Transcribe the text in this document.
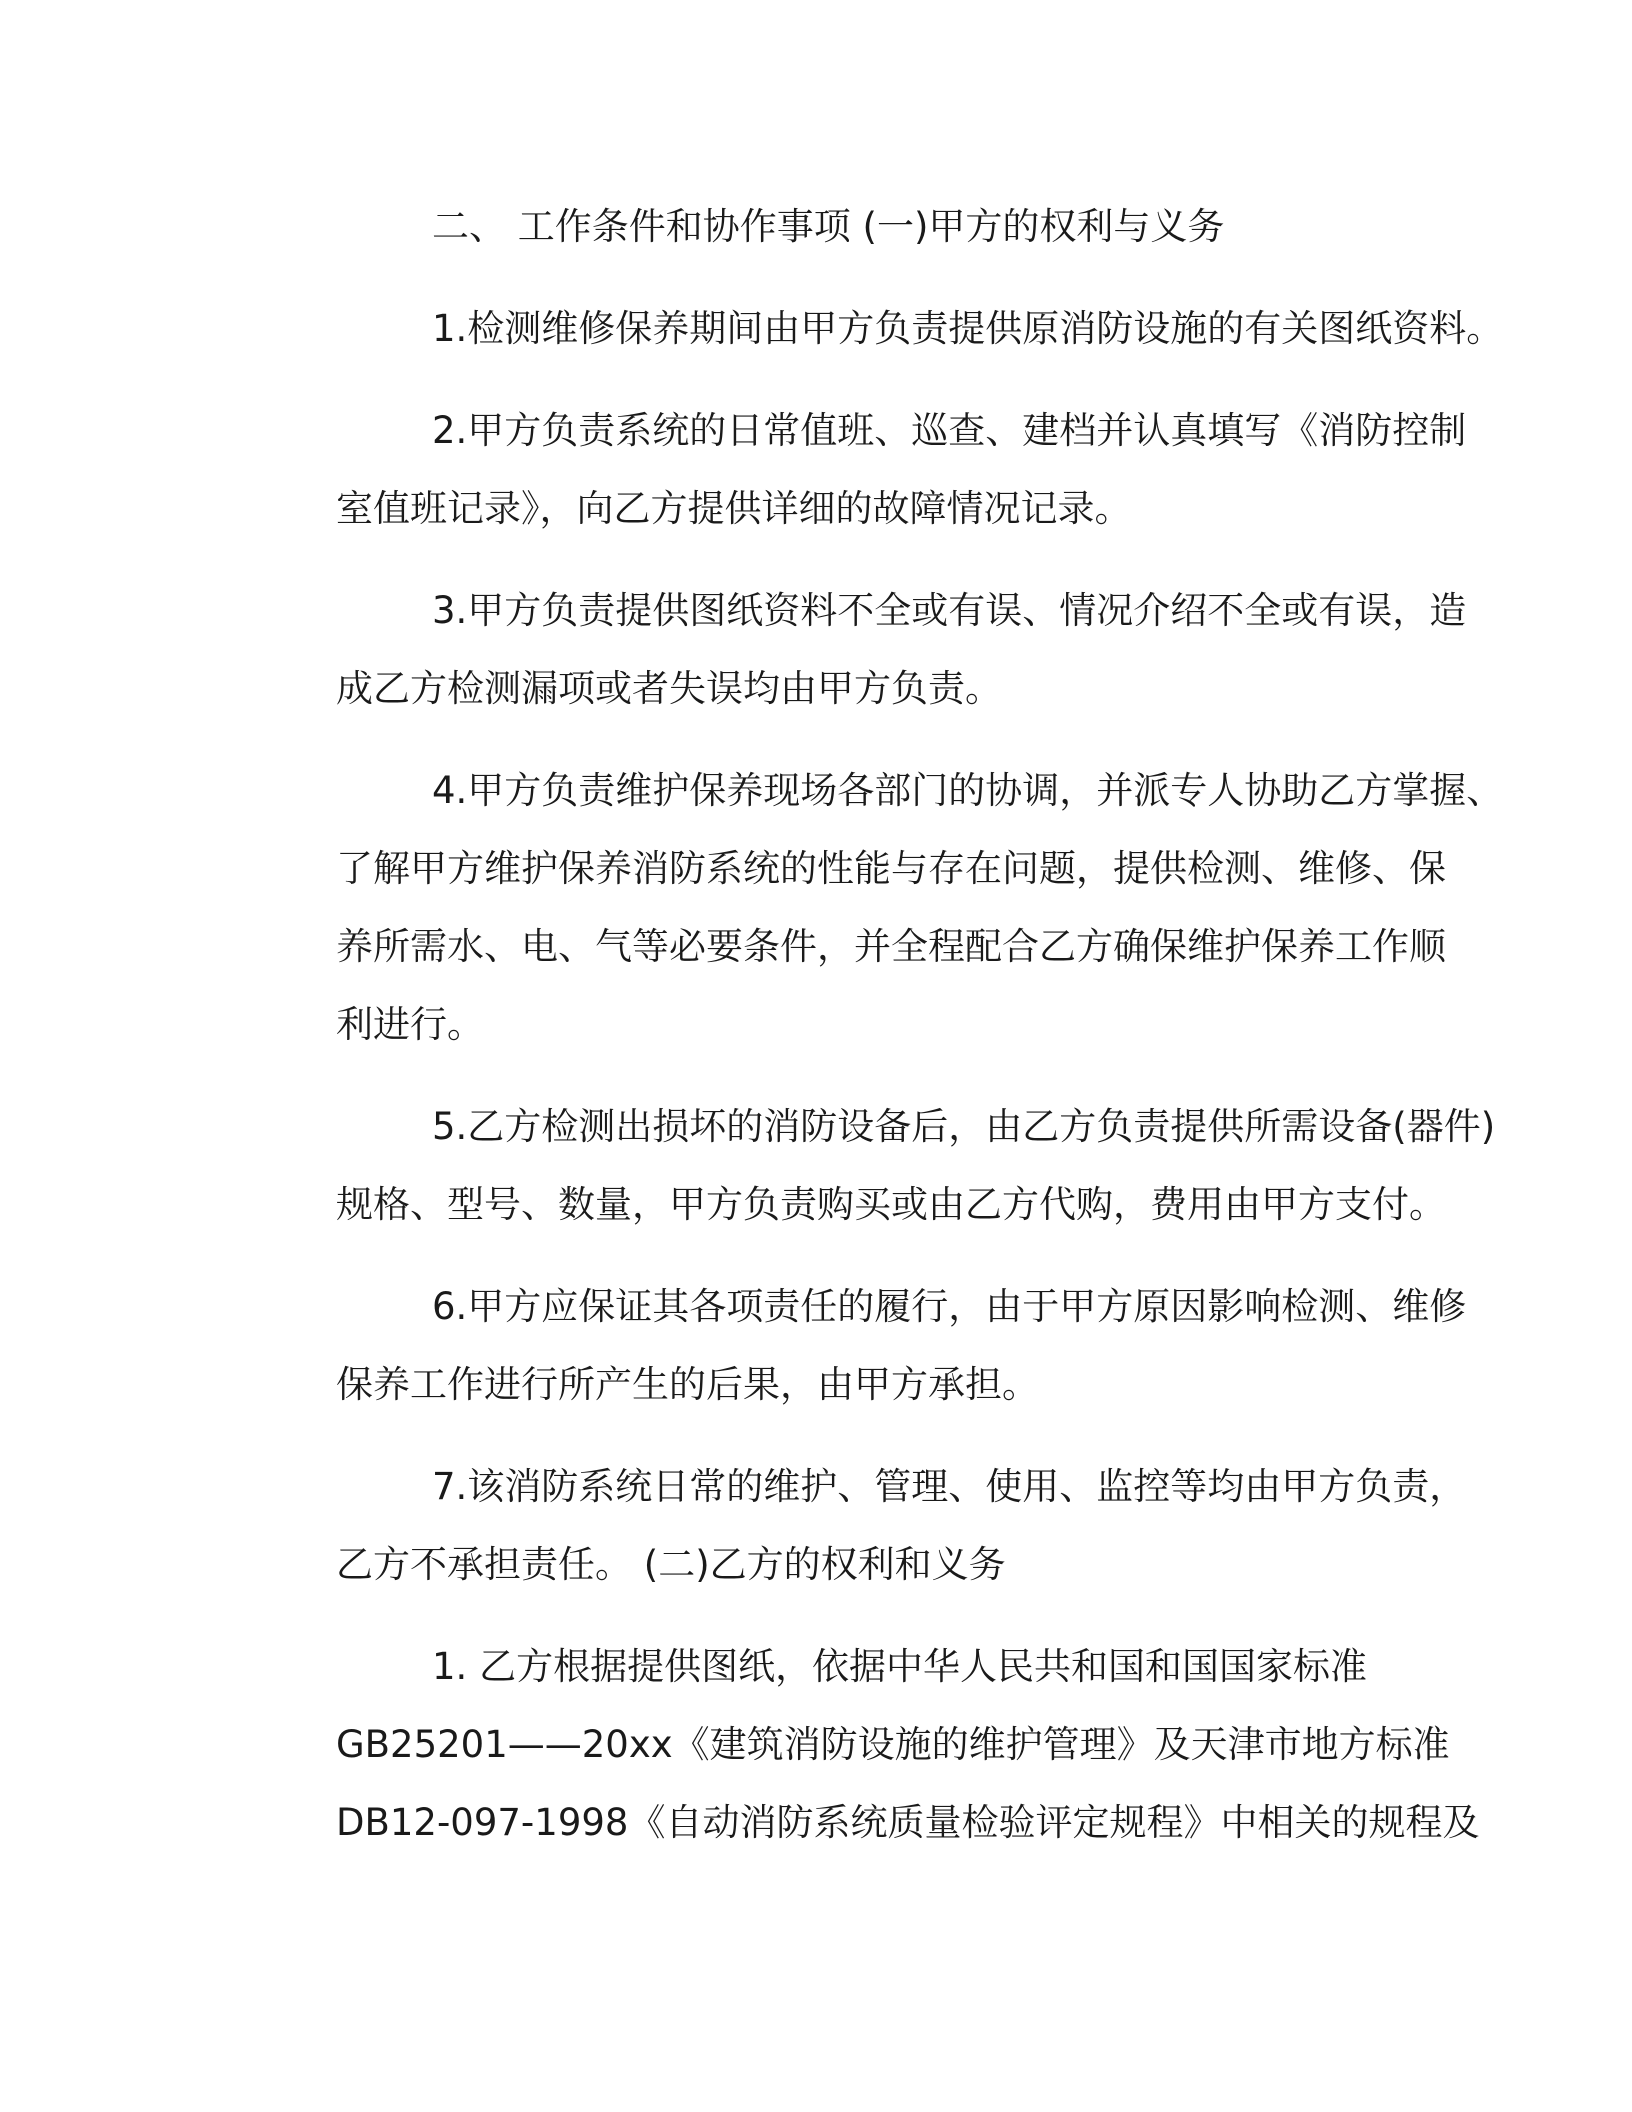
二、 工作条件和协作事项 (一)甲方的权利与义务
1.检测维修保养期间由甲方负责提供原消防设施的有关图纸资料。
2.甲方负责系统的日常值班、巡查、建档并认真填写《消防控制
室值班记录》，向乙方提供详细的故障情况记录。
3.甲方负责提供图纸资料不全或有误、情况介绍不全或有误，造
成乙方检测漏项或者失误均由甲方负责。
4.甲方负责维护保养现场各部门的协调，并派专人协助乙方掌握、
了解甲方维护保养消防系统的性能与存在问题，提供检测、维修、保
养所需水、电、气等必要条件，并全程配合乙方确保维护保养工作顺
利进行。
5.乙方检测出损坏的消防设备后，由乙方负责提供所需设备(器件)
规格、型号、数量，甲方负责购买或由乙方代购，费用由甲方支付。
6.甲方应保证其各项责任的履行，由于甲方原因影响检测、维修
保养工作进行所产生的后果，由甲方承担。
7.该消防系统日常的维护、管理、使用、监控等均由甲方负责，
乙方不承担责任。 (二)乙方的权利和义务
1. 乙方根据提供图纸，依据中华人民共和国和国国家标准
GB25201——20xx《建筑消防设施的维护管理》及天津市地方标准
DB12-097-1998《自动消防系统质量检验评定规程》中相关的规程及
